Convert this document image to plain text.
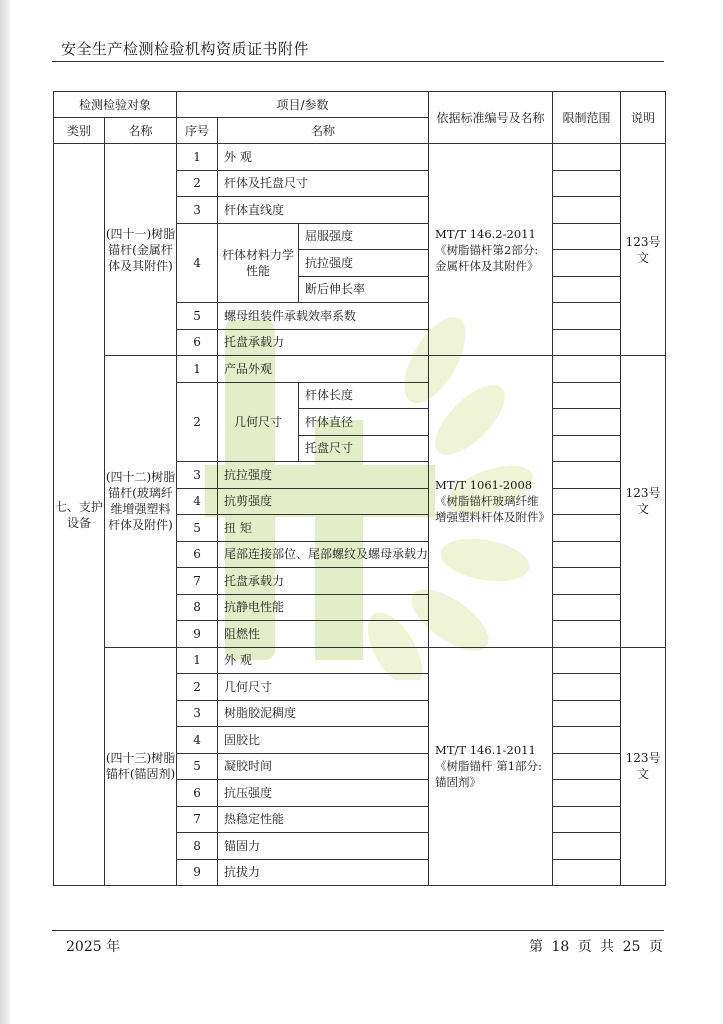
安全生产检测检验机构资质证书附件
检测检验对象		项目/参数			依据标准编号及名称	限制范围	说明
类别	名称	序号	名称				
七、支护设备	(四十一)树脂锚杆(金属杆体及其附件)	1	外 观		MT/T 146.2-2011《树脂锚杆第2部分:金属杆体及其附件》		123号文
		2	杆体及托盘尺寸				
		3	杆体直线度				
		4	杆体材料力学性能	屈服强度			
				抗拉强度			
				断后伸长率			
		5	螺母组装件承载效率系数				
		6	托盘承载力				
	(四十二)树脂锚杆(玻璃纤维增强塑料杆体及附件)	1	产品外观		MT/T 1061-2008《树脂锚杆玻璃纤维增强塑料杆体及附件》		123号文
		2	几何尺寸	杆体长度			
				杆体直径			
				托盘尺寸			
		3	抗拉强度				
		4	抗剪强度				
		5	扭 矩				
		6	尾部连接部位、尾部螺纹及螺母承载力				
		7	托盘承载力				
		8	抗静电性能				
		9	阻燃性				
	(四十三)树脂锚杆(锚固剂)	1	外 观		MT/T 146.1-2011《树脂锚杆 第1部分:锚固剂》		123号文
		2	几何尺寸				
		3	树脂胶泥稠度				
		4	固胶比				
		5	凝胶时间				
		6	抗压强度				
		7	热稳定性能				
		8	锚固力				
		9	抗拔力				
2025 年	第 18 页 共 25 页
